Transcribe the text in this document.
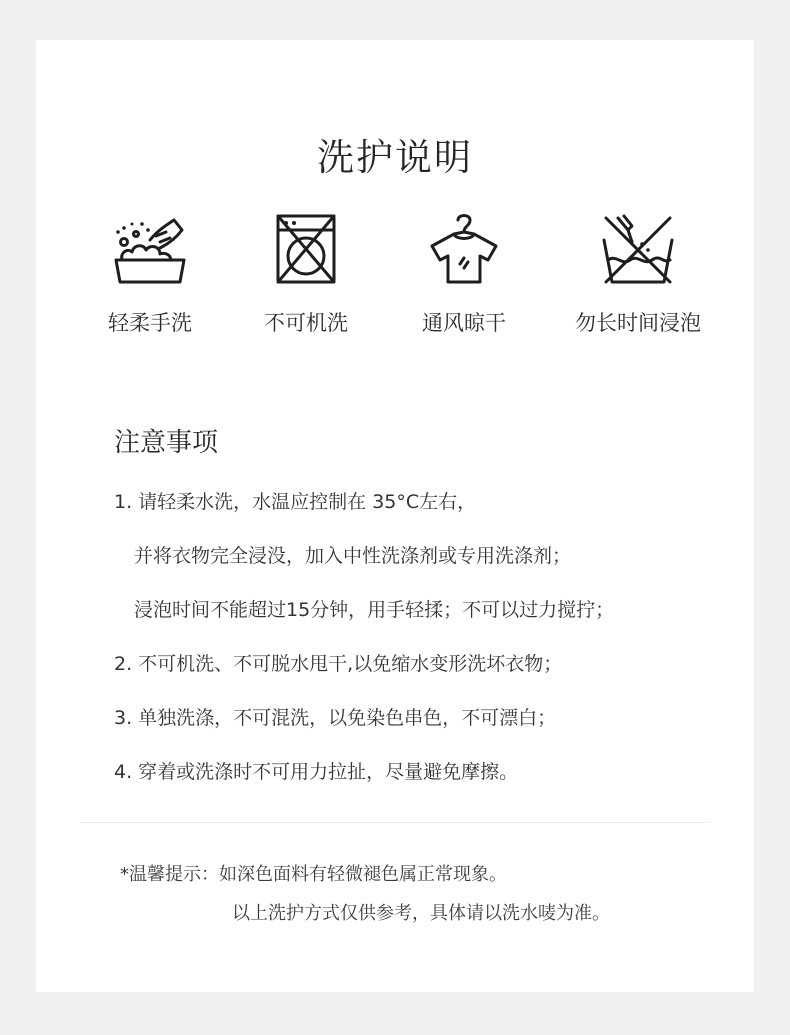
洗护说明
轻柔手洗	不可机洗	通风晾干	勿长时间浸泡
注意事项
1. 请轻柔水洗，水温应控制在 35°C左右，
并将衣物完全浸没，加入中性洗涤剂或专用洗涤剂；
浸泡时间不能超过15分钟，用手轻揉；不可以过力搅拧；
2. 不可机洗、不可脱水甩干,以免缩水变形洗坏衣物；
3. 单独洗涤，不可混洗，以免染色串色，不可漂白；
4. 穿着或洗涤时不可用力拉扯，尽量避免摩擦。
*温馨提示：如深色面料有轻微褪色属正常现象。
以上洗护方式仅供参考，具体请以洗水唛为准。
